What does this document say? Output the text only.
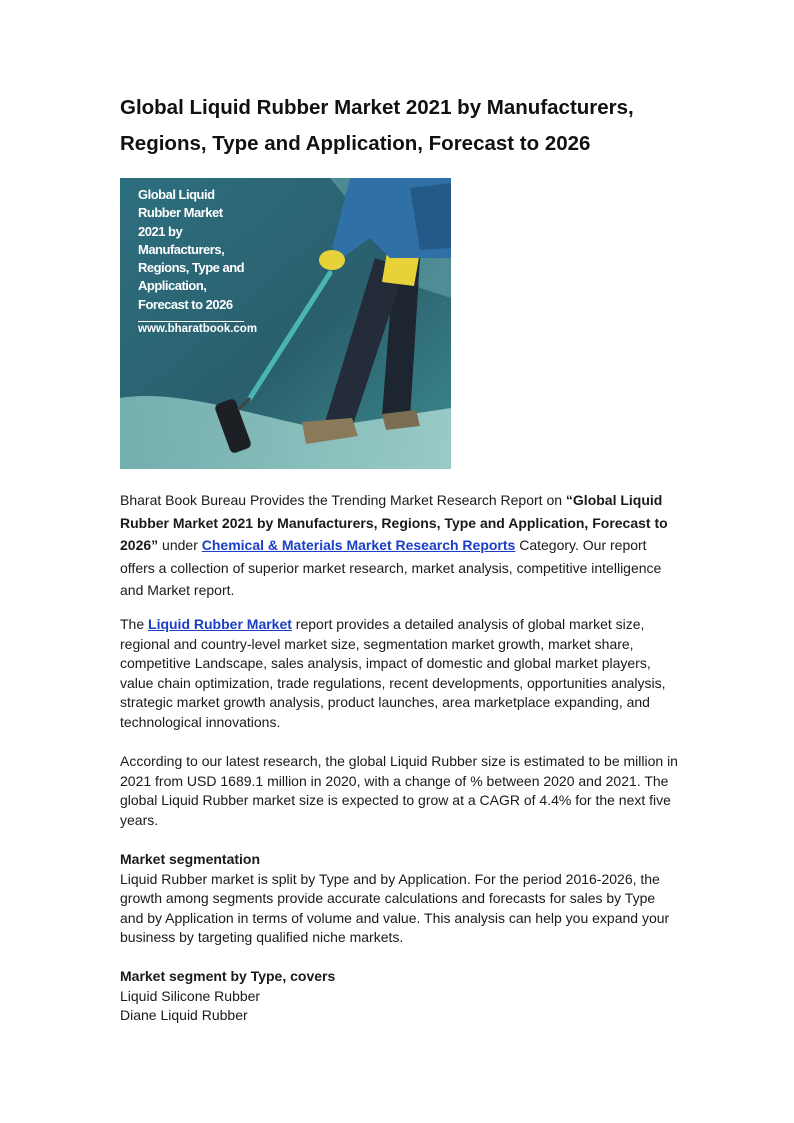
Global Liquid Rubber Market 2021 by Manufacturers, Regions, Type and Application, Forecast to 2026
Global Liquid
Rubber Market
2021 by
Manufacturers,
Regions, Type and
Application,
Forecast to 2026
www.bharatbook.com

Bharat Book Bureau Provides the Trending Market Research Report on “Global Liquid Rubber Market 2021 by Manufacturers, Regions, Type and Application, Forecast to 2026” under Chemical & Materials Market Research Reports Category. Our report offers a collection of superior market research, market analysis, competitive intelligence and Market report.

The Liquid Rubber Market report provides a detailed analysis of global market size, regional and country-level market size, segmentation market growth, market share, competitive Landscape, sales analysis, impact of domestic and global market players, value chain optimization, trade regulations, recent developments, opportunities analysis, strategic market growth analysis, product launches, area marketplace expanding, and technological innovations.

According to our latest research, the global Liquid Rubber size is estimated to be million in 2021 from USD 1689.1 million in 2020, with a change of % between 2020 and 2021. The global Liquid Rubber market size is expected to grow at a CAGR of 4.4% for the next five years.

Market segmentation
Liquid Rubber market is split by Type and by Application. For the period 2016-2026, the growth among segments provide accurate calculations and forecasts for sales by Type and by Application in terms of volume and value. This analysis can help you expand your business by targeting qualified niche markets.
Market segment by Type, covers
Liquid Silicone Rubber
Diane Liquid Rubber
